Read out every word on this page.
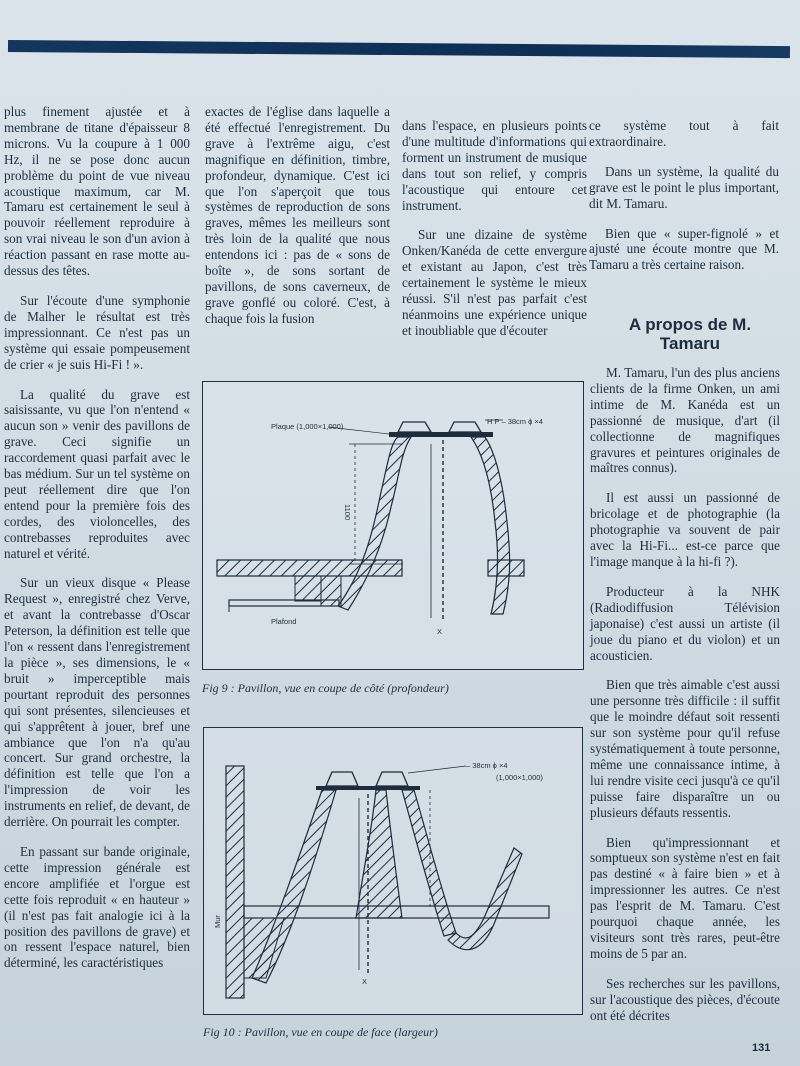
plus finement ajustée et à membrane de titane d'épaisseur 8 microns. Vu la coupure à 1 000 Hz, il ne se pose donc aucun problème du point de vue niveau acoustique maximum, car M. Tamaru est certainement le seul à pouvoir réellement reproduire à son vrai niveau le son d'un avion à réaction passant en rase motte au-dessus des têtes.

Sur l'écoute d'une symphonie de Malher le résultat est très impressionnant. Ce n'est pas un système qui essaie pompeusement de crier « je suis Hi-Fi ! ».

La qualité du grave est saisissante, vu que l'on n'entend « aucun son » venir des pavillons de grave. Ceci signifie un raccordement quasi parfait avec le bas médium. Sur un tel système on peut réellement dire que l'on entend pour la première fois des cordes, des violoncelles, des contrebasses reproduites avec naturel et vérité.

Sur un vieux disque « Please Request », enregistré chez Verve, et avant la contrebasse d'Oscar Peterson, la définition est telle que l'on « ressent dans l'enregistrement la pièce », ses dimensions, le « bruit » imperceptible mais pourtant reproduit des personnes qui sont présentes, silencieuses et qui s'apprêtent à jouer, bref une ambiance que l'on n'a qu'au concert. Sur grand orchestre, la définition est telle que l'on a l'impression de voir les instruments en relief, de devant, de derrière. On pourrait les compter.

En passant sur bande originale, cette impression générale est encore amplifiée et l'orgue est cette fois reproduit « en hauteur » (il n'est pas fait analogie ici à la position des pavillons de grave) et on ressent l'espace naturel, bien déterminé, les caractéristiques

exactes de l'église dans laquelle a été effectué l'enregistrement. Du grave à l'extrême aigu, c'est magnifique en définition, timbre, profondeur, dynamique. C'est ici que l'on s'aperçoit que tous systèmes de reproduction de sons graves, mêmes les meilleurs sont très loin de la qualité que nous entendons ici : pas de « sons de boîte », de sons sortant de pavillons, de sons caverneux, de grave gonflé ou coloré. C'est, à chaque fois la fusion

dans l'espace, en plusieurs points d'une multitude d'informations qui forment un instrument de musique dans tout son relief, y compris l'acoustique qui entoure cet instrument.

Sur une dizaine de système Onken/Kanéda de cette envergure et existant au Japon, c'est très certainement le système le mieux réussi. S'il n'est pas parfait c'est néanmoins une expérience unique et inoubliable que d'écouter

ce système tout à fait extraordinaire.

Dans un système, la qualité du grave est le point le plus important, dit M. Tamaru.

Bien que « super-fignolé » et ajusté une écoute montre que M. Tamaru a très certaine raison.

A propos de M. Tamaru

M. Tamaru, l'un des plus anciens clients de la firme Onken, un ami intime de M. Kanéda est un passionné de musique, d'art (il collectionne de magnifiques gravures et peintures originales de maîtres connus).

Il est aussi un passionné de bricolage et de photographie (la photographie va souvent de pair avec la Hi-Fi... est-ce parce que l'image manque à la hi-fi ?).

Producteur à la NHK (Radiodiffusion Télévision japonaise) c'est aussi un artiste (il joue du piano et du violon) et un acousticien.

Bien que très aimable c'est aussi une personne très difficile : il suffit que le moindre défaut soit ressenti sur son système pour qu'il refuse systématiquement à toute personne, même une connaissance intime, à lui rendre visite ceci jusqu'à ce qu'il puisse faire disparaître un ou plusieurs défauts ressentis.

Bien qu'impressionnant et somptueux son système n'est en fait pas destiné « à faire bien » et à impressionner les autres. Ce n'est pas l'esprit de M. Tamaru. C'est pourquoi chaque année, les visiteurs sont très rares, peut-être moins de 5 par an.

Ses recherches sur les pavillons, sur l'acoustique des pièces, d'écoute ont été décrites

Plaque (1,000×1,000)
H P – 38cm ϕ ×4
1100
Plafond
X
Fig 9 : Pavillon, vue en coupe de côté (profondeur)
– 38cm ϕ ×4
(1,000×1,000)
Mur
X
Fig 10 : Pavillon, vue en coupe de face (largeur)
131
